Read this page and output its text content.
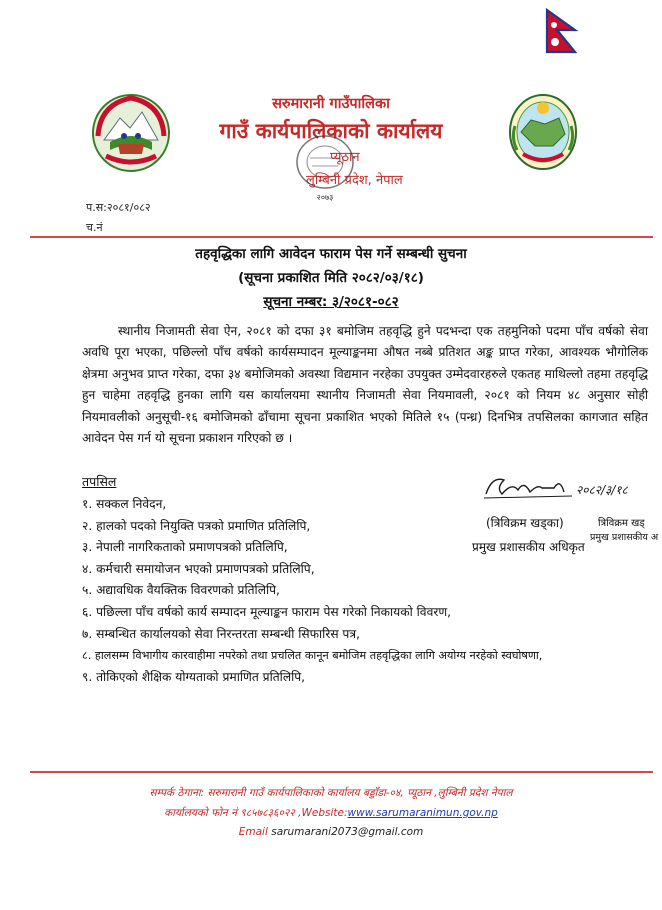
सरुमारानी गाउँपालिका
गाउँ कार्यपालिकाको कार्यालय
प्यूठान
लुम्बिनी प्रदेश, नेपाल
२०७३
प.स:२०८१/०८२
च.नं
तहवृद्धिका लागि आवेदन फाराम पेस गर्ने सम्बन्धी सुचना
(सूचना प्रकाशित मिति २०८२/०३/१८)
सूचना नम्बर: ३/२०८१-०८२
स्थानीय निजामती सेवा ऐन, २०८१ को दफा ३१ बमोजिम तहवृद्धि हुने पदभन्दा एक तहमुनिको पदमा पाँच वर्षको सेवा अवधि पूरा भएका, पछिल्लो पाँच वर्षको कार्यसम्पादन मूल्याङ्कनमा औषत नब्बे प्रतिशत अङ्क प्राप्त गरेका, आवश्यक भौगोलिक क्षेत्रमा अनुभव प्राप्त गरेका, दफा ३४ बमोजिमको अवस्था विद्यमान नरहेका उपयुक्त उम्मेदवारहरुले एकतह माथिल्लो तहमा तहवृद्धि हुन चाहेमा तहवृद्धि हुनका लागि यस कार्यालयमा स्थानीय निजामती सेवा नियमावली, २०८१ को नियम ४८ अनुसार सोही नियमावलीको अनुसूची-१६ बमोजिमको ढाँचामा सूचना प्रकाशित भएको मितिले १५ (पन्ध्र) दिनभित्र तपसिलका कागजात सहित आवेदन पेस गर्न यो सूचना प्रकाशन गरिएको छ ।
तपसिल
१. सक्कल निवेदन,
२. हालको पदको नियुक्ति पत्रको प्रमाणित प्रतिलिपि,
३. नेपाली नागरिकताको प्रमाणपत्रको प्रतिलिपि,
४. कर्मचारी समायोजन भएको प्रमाणपत्रको प्रतिलिपि,
५. अद्यावधिक वैयक्तिक विवरणको प्रतिलिपि,
६. पछिल्ला पाँच वर्षको कार्य सम्पादन मूल्याङ्कन फाराम पेस गरेको निकायको विवरण,
७. सम्बन्धित कार्यालयको सेवा निरन्तरता सम्बन्धी सिफारिस पत्र,
८. हालसम्म विभागीय कारवाहीमा नपरेको तथा प्रचलित कानून बमोजिम तहवृद्धिका लागि अयोग्य नरहेको स्वघोषणा,
९. तोकिएको शैक्षिक योग्यताको प्रमाणित प्रतिलिपि,
२०८२/३/१८
(त्रिविक्रम खड्का)
प्रमुख प्रशासकीय अधिकृत
त्रिविक्रम खड्
प्रमुख प्रशासकीय अ
सम्पर्क ठेगाना: सरुमारानी गाउँ कार्यपालिकाको कार्यालय बड्डाँडा-०४, प्यूठान ,लुम्बिनी प्रदेश नेपाल
कार्यालयको फोन नं ९८५७८३६०२२ ,Website:www.sarumaranimun.gov.np
Email sarumarani2073@gmail.com
